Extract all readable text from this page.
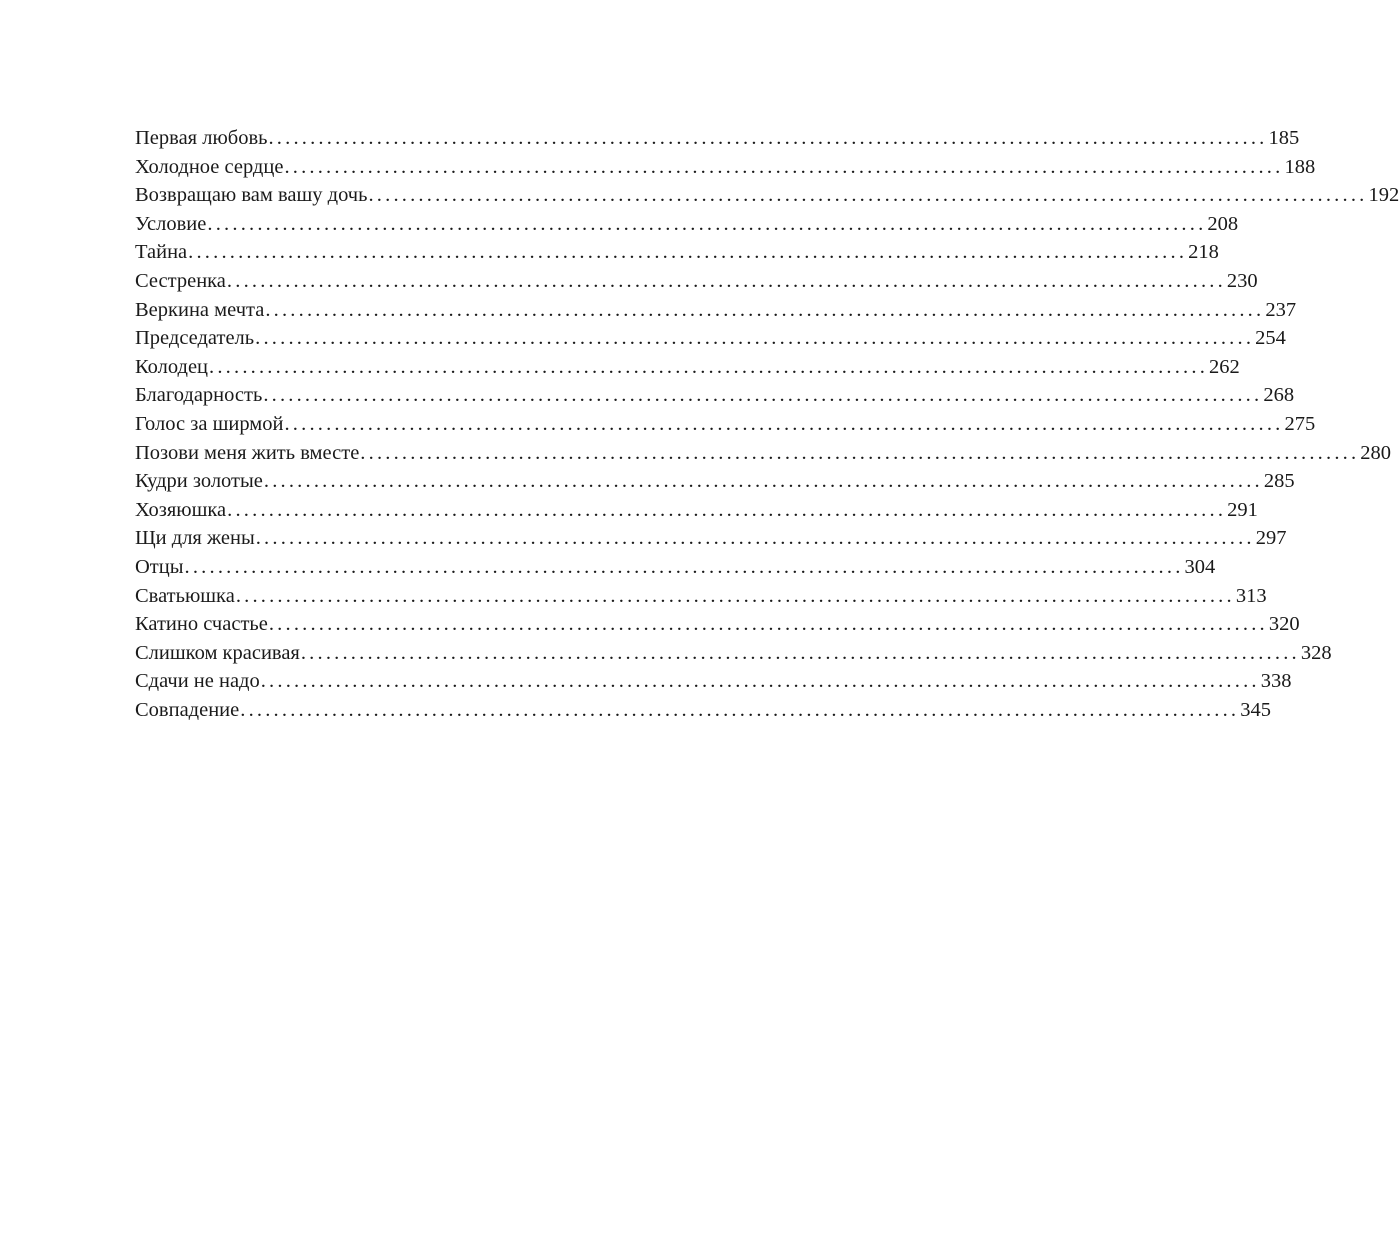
Первая любовь ........................................................................................................................ 185
Холодное сердце ........................................................................................................................ 188
Возвращаю вам вашу дочь ........................................................................................................................ 192
Условие ........................................................................................................................ 208
Тайна ........................................................................................................................ 218
Сестренка ........................................................................................................................ 230
Веркина мечта ........................................................................................................................ 237
Председатель ........................................................................................................................ 254
Колодец ........................................................................................................................ 262
Благодарность ........................................................................................................................ 268
Голос за ширмой ........................................................................................................................ 275
Позови меня жить вместе ........................................................................................................................ 280
Кудри золотые ........................................................................................................................ 285
Хозяюшка ........................................................................................................................ 291
Щи для жены ........................................................................................................................ 297
Отцы ........................................................................................................................ 304
Сватьюшка ........................................................................................................................ 313
Катино счастье ........................................................................................................................ 320
Слишком красивая ........................................................................................................................ 328
Сдачи не надо ........................................................................................................................ 338
Совпадение ........................................................................................................................ 345
